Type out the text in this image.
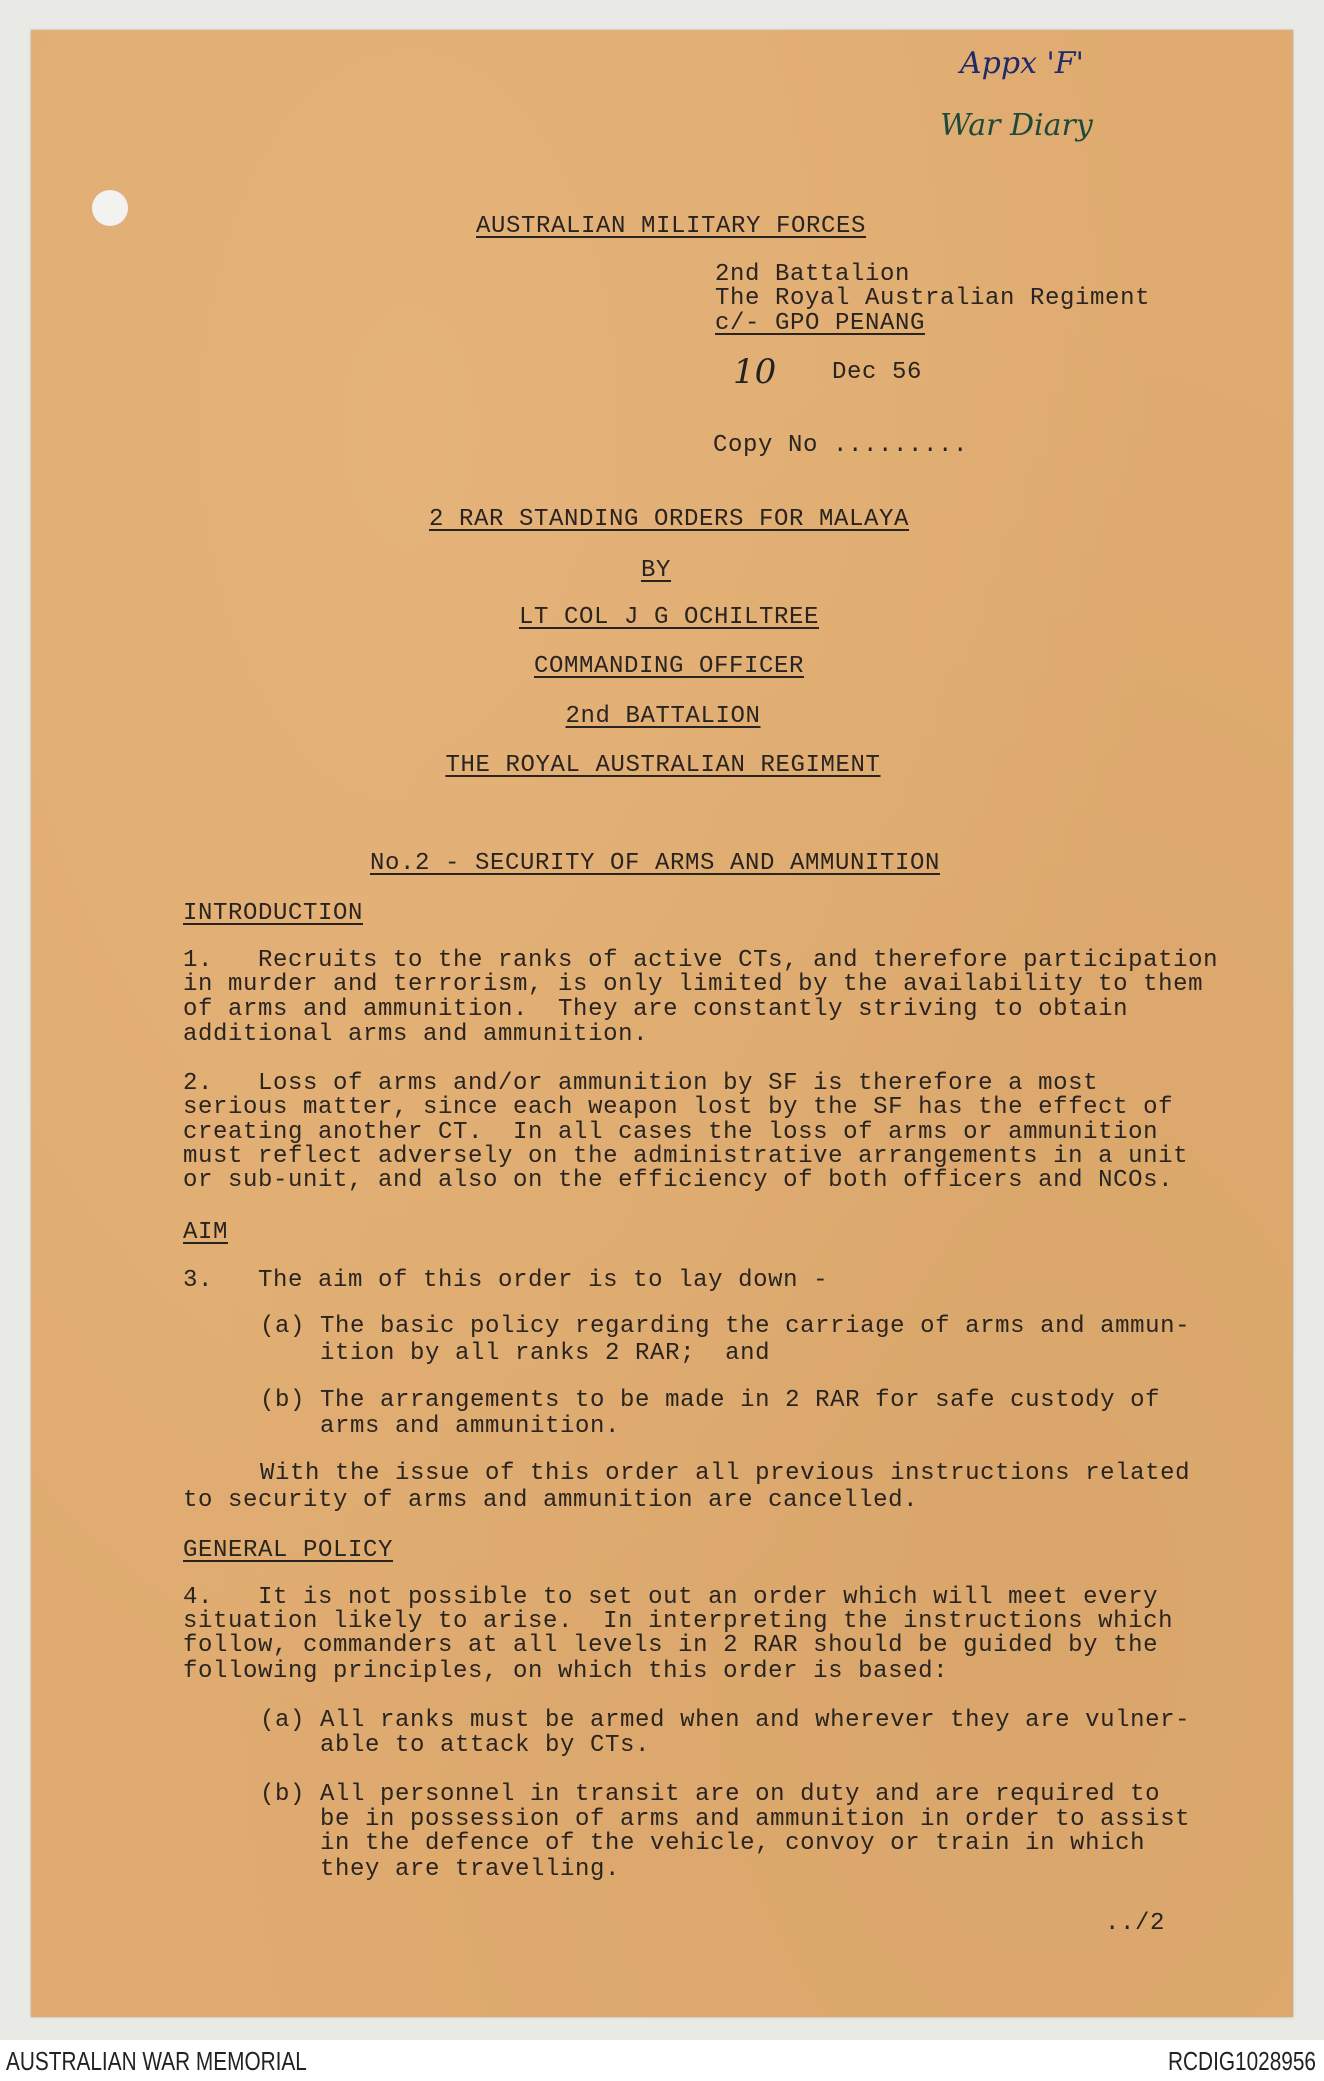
Appx 'F'
War Diary
AUSTRALIAN MILITARY FORCES
2nd Battalion
The Royal Australian Regiment
c/- GPO PENANG
10 Dec 56
Copy No .........
2 RAR STANDING ORDERS FOR MALAYA
BY
LT COL J G OCHILTREE
COMMANDING OFFICER
2nd BATTALION
THE ROYAL AUSTRALIAN REGIMENT
No.2 - SECURITY OF ARMS AND AMMUNITION
INTRODUCTION
1.   Recruits to the ranks of active CTs, and therefore participation
in murder and terrorism, is only limited by the availability to them
of arms and ammunition.  They are constantly striving to obtain
additional arms and ammunition.
2.   Loss of arms and/or ammunition by SF is therefore a most
serious matter, since each weapon lost by the SF has the effect of
creating another CT.  In all cases the loss of arms or ammunition
must reflect adversely on the administrative arrangements in a unit
or sub-unit, and also on the efficiency of both officers and NCOs.
AIM
3.   The aim of this order is to lay down -
(a) The basic policy regarding the carriage of arms and ammun-
ition by all ranks 2 RAR;  and
(b) The arrangements to be made in 2 RAR for safe custody of
arms and ammunition.
With the issue of this order all previous instructions related
to security of arms and ammunition are cancelled.
GENERAL POLICY
4.   It is not possible to set out an order which will meet every
situation likely to arise.  In interpreting the instructions which
follow, commanders at all levels in 2 RAR should be guided by the
following principles, on which this order is based:
(a) All ranks must be armed when and wherever they are vulner-
able to attack by CTs.
(b) All personnel in transit are on duty and are required to
be in possession of arms and ammunition in order to assist
in the defence of the vehicle, convoy or train in which
they are travelling.
../2
AUSTRALIAN WAR MEMORIAL	RCDIG1028956
